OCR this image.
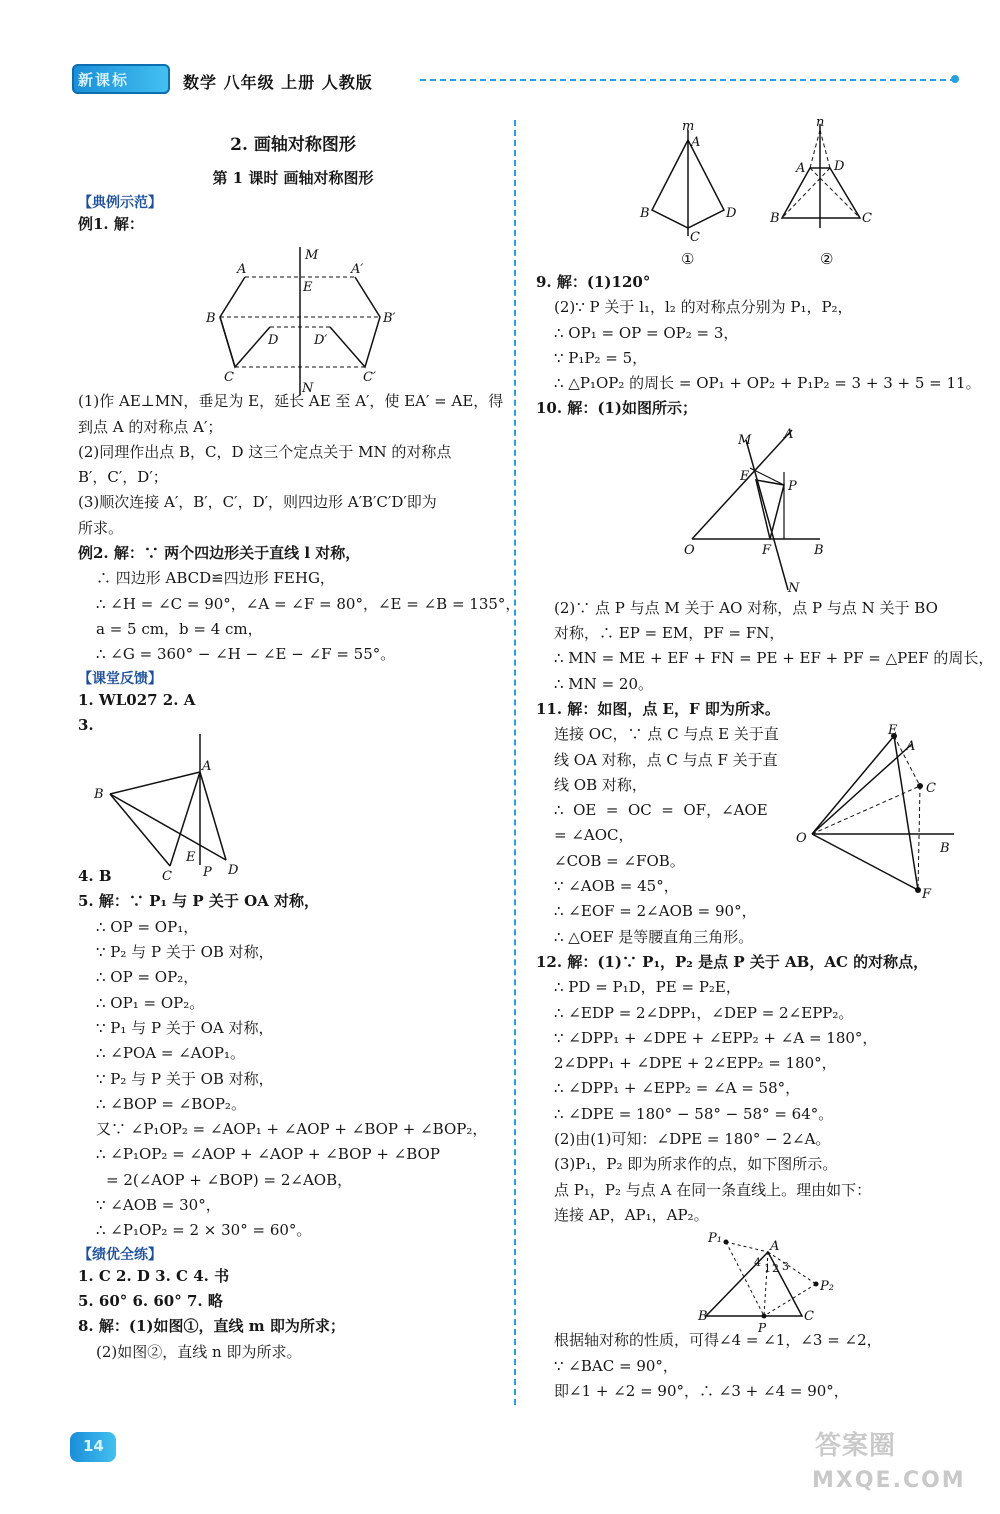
新课标	数学 八年级 上册 人教版
2. 画轴对称图形
第 1 课时 画轴对称图形
【典例示范】
例1. 解：
(1)作 AE⊥MN，垂足为 E，延长 AE 至 A′，使 EA′ = AE，得
到点 A 的对称点 A′；
(2)同理作出点 B，C，D 这三个定点关于 MN 的对称点
B′，C′，D′；
(3)顺次连接 A′，B′，C′，D′，则四边形 A′B′C′D′即为
所求。
例2. 解：∵ 两个四边形关于直线 l 对称，
∴ 四边形 ABCD≌四边形 FEHG，
∴ ∠H = ∠C = 90°，∠A = ∠F = 80°，∠E = ∠B = 135°，
a = 5 cm，b = 4 cm，
∴ ∠G = 360° − ∠H − ∠E − ∠F = 55°。
【课堂反馈】
1. WL027 2. A
3.
4. B
5. 解：∵ P₁ 与 P 关于 OA 对称，
∴ OP = OP₁，
∵ P₂ 与 P 关于 OB 对称，
∴ OP = OP₂，
∴ OP₁ = OP₂。
∵ P₁ 与 P 关于 OA 对称，
∴ ∠POA = ∠AOP₁。
∵ P₂ 与 P 关于 OB 对称，
∴ ∠BOP = ∠BOP₂。
又∵ ∠P₁OP₂ = ∠AOP₁ + ∠AOP + ∠BOP + ∠BOP₂，
∴ ∠P₁OP₂ = ∠AOP + ∠AOP + ∠BOP + ∠BOP
= 2(∠AOP + ∠BOP) = 2∠AOB，
∵ ∠AOB = 30°，
∴ ∠P₁OP₂ = 2 × 30° = 60°。
【绩优全练】
1. C 2. D 3. C 4. 书
5. 60° 6. 60° 7. 略
8. 解：(1)如图①，直线 m 即为所求；
(2)如图②，直线 n 即为所求。
M
N
E
A
B
C
D
A′
B′
C′
D′
A
B
C	D
E
P
m
A
B
C
D
①
n
A D
B	C
②
9. 解：(1)120°
(2)∵ P 关于 l₁，l₂ 的对称点分别为 P₁，P₂，
∴ OP₁ = OP = OP₂ = 3，
∵ P₁P₂ = 5，
∴ △P₁OP₂ 的周长 = OP₁ + OP₂ + P₁P₂ = 3 + 3 + 5 = 11。
10. 解：(1)如图所示；
(2)∵ 点 P 与点 M 关于 AO 对称，点 P 与点 N 关于 BO
对称，∴ EP = EM，PF = FN，
∴ MN = ME + EF + FN = PE + EF + PF = △PEF 的周长，
∴ MN = 20。
11. 解：如图，点 E，F 即为所求。
连接 OC，∵ 点 C 与点 E 关于直
线 OA 对称，点 C 与点 F 关于直
线 OB 对称，
∴  OE  =  OC  =  OF，∠AOE
= ∠AOC，
∠COB = ∠FOB。
∵ ∠AOB = 45°，
∴ ∠EOF = 2∠AOB = 90°，
∴ △OEF 是等腰直角三角形。
12. 解：(1)∵ P₁，P₂ 是点 P 关于 AB，AC 的对称点，
∴ PD = P₁D，PE = P₂E，
∴ ∠EDP = 2∠DPP₁，∠DEP = 2∠EPP₂。
∵ ∠DPP₁ + ∠DPE + ∠EPP₂ + ∠A = 180°，
2∠DPP₁ + ∠DPE + 2∠EPP₂ = 180°，
∴ ∠DPP₁ + ∠EPP₂ = ∠A = 58°，
∴ ∠DPE = 180° − 58° − 58° = 64°。
(2)由(1)可知：∠DPE = 180° − 2∠A。
(3)P₁，P₂ 即为所求作的点，如下图所示。
点 P₁，P₂ 与点 A 在同一条直线上。理由如下：
连接 AP，AP₁，AP₂。
根据轴对称的性质，可得∠4 = ∠1，∠3 = ∠2，
∵ ∠BAC = 90°，
即∠1 + ∠2 = 90°，∴ ∠3 + ∠4 = 90°，
M	A
E
P
O	F	B
N
E
A
C
O
B
F
P₁
A
4 1 2 3
P₂
B
P
C
14	答案圈
MXQE.COM
